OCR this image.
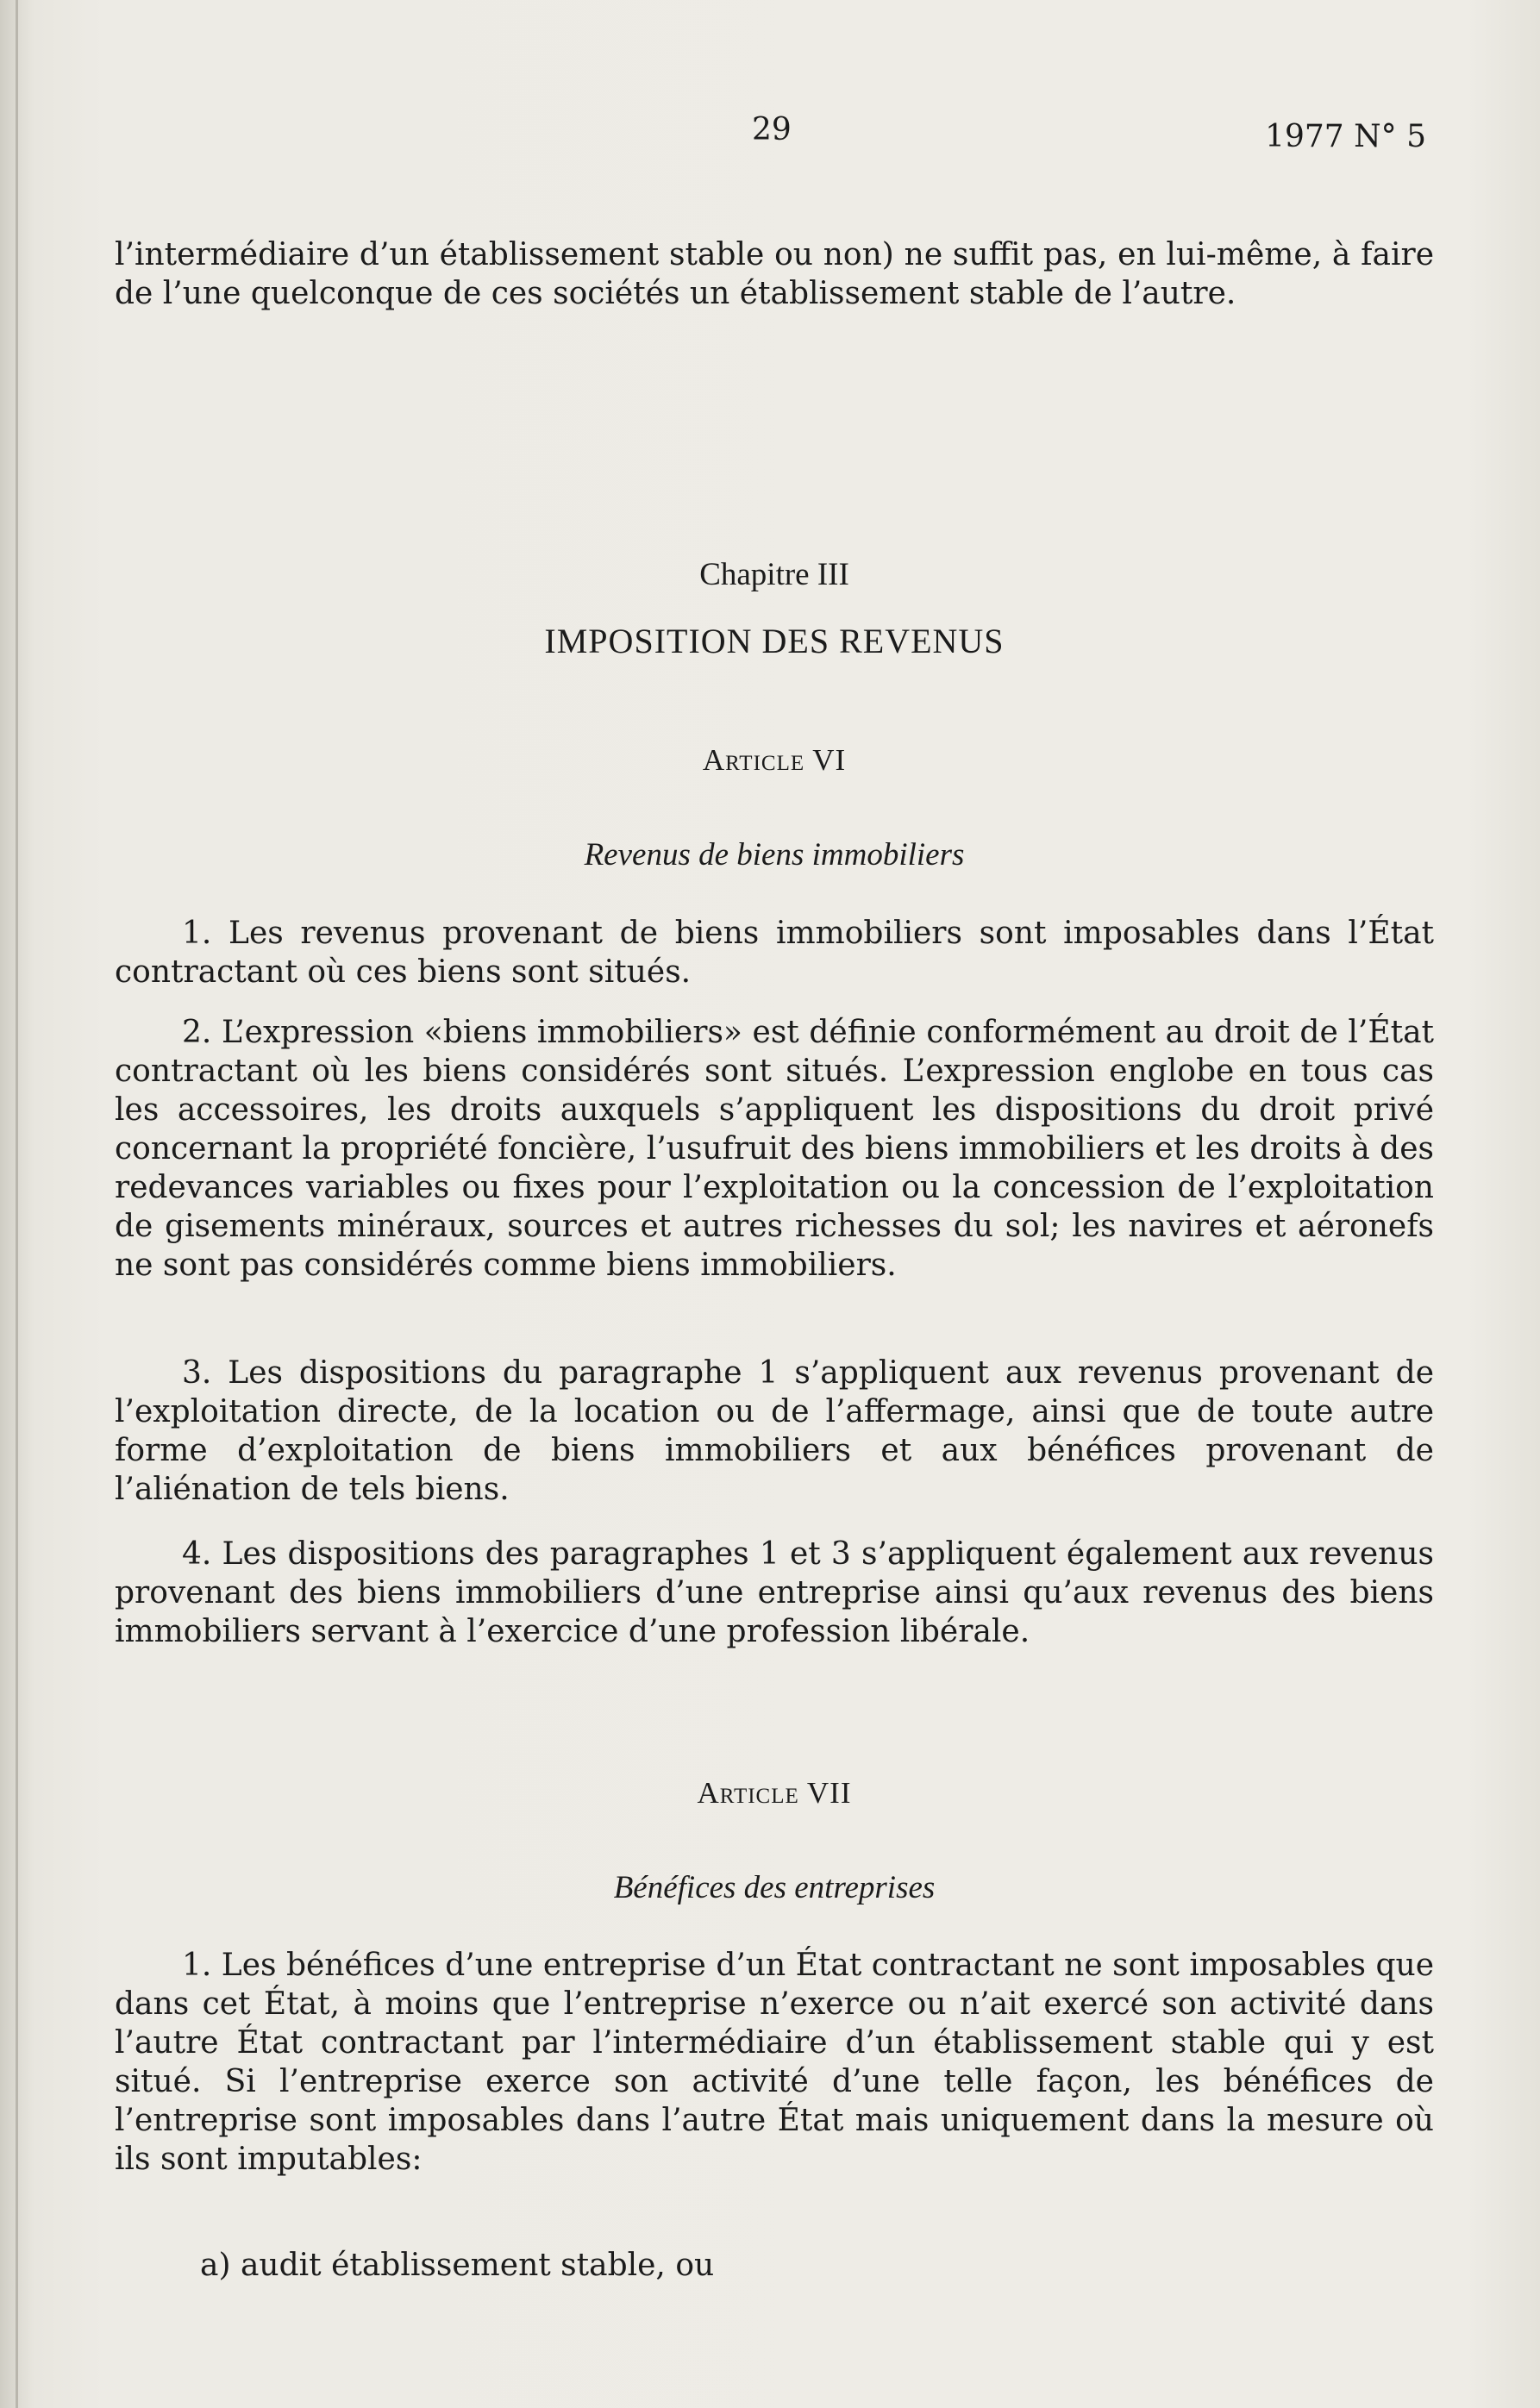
29	1977 N° 5

l’intermédiaire d’un établissement stable ou non) ne suffit pas, en lui-même, à faire de l’une quelconque de ces sociétés un établissement stable de l’autre.

Chapitre III

IMPOSITION DES REVENUS

Article VI

Revenus de biens immobiliers

1. Les revenus provenant de biens immobiliers sont imposables dans l’État contractant où ces biens sont situés.

2. L’expression «biens immobiliers» est définie conformément au droit de l’État contractant où les biens considérés sont situés. L’expression englobe en tous cas les accessoires, les droits auxquels s’appliquent les dispositions du droit privé concernant la propriété foncière, l’usufruit des biens immobiliers et les droits à des redevances variables ou fixes pour l’exploitation ou la concession de l’exploitation de gisements minéraux, sources et autres richesses du sol; les navires et aéronefs ne sont pas considérés comme biens immobiliers.

3. Les dispositions du paragraphe 1 s’appliquent aux revenus provenant de l’exploitation directe, de la location ou de l’affermage, ainsi que de toute autre forme d’exploitation de biens immobiliers et aux bénéfices provenant de l’aliénation de tels biens.

4. Les dispositions des paragraphes 1 et 3 s’appliquent également aux revenus provenant des biens immobiliers d’une entreprise ainsi qu’aux revenus des biens immobiliers servant à l’exercice d’une profession libérale.

Article VII

Bénéfices des entreprises

1. Les bénéfices d’une entreprise d’un État contractant ne sont imposables que dans cet État, à moins que l’entreprise n’exerce ou n’ait exercé son activité dans l’autre État contractant par l’intermédiaire d’un établissement stable qui y est situé. Si l’entreprise exerce son activité d’une telle façon, les bénéfices de l’entreprise sont imposables dans l’autre État mais uniquement dans la mesure où ils sont imputables:

a) audit établissement stable, ou
